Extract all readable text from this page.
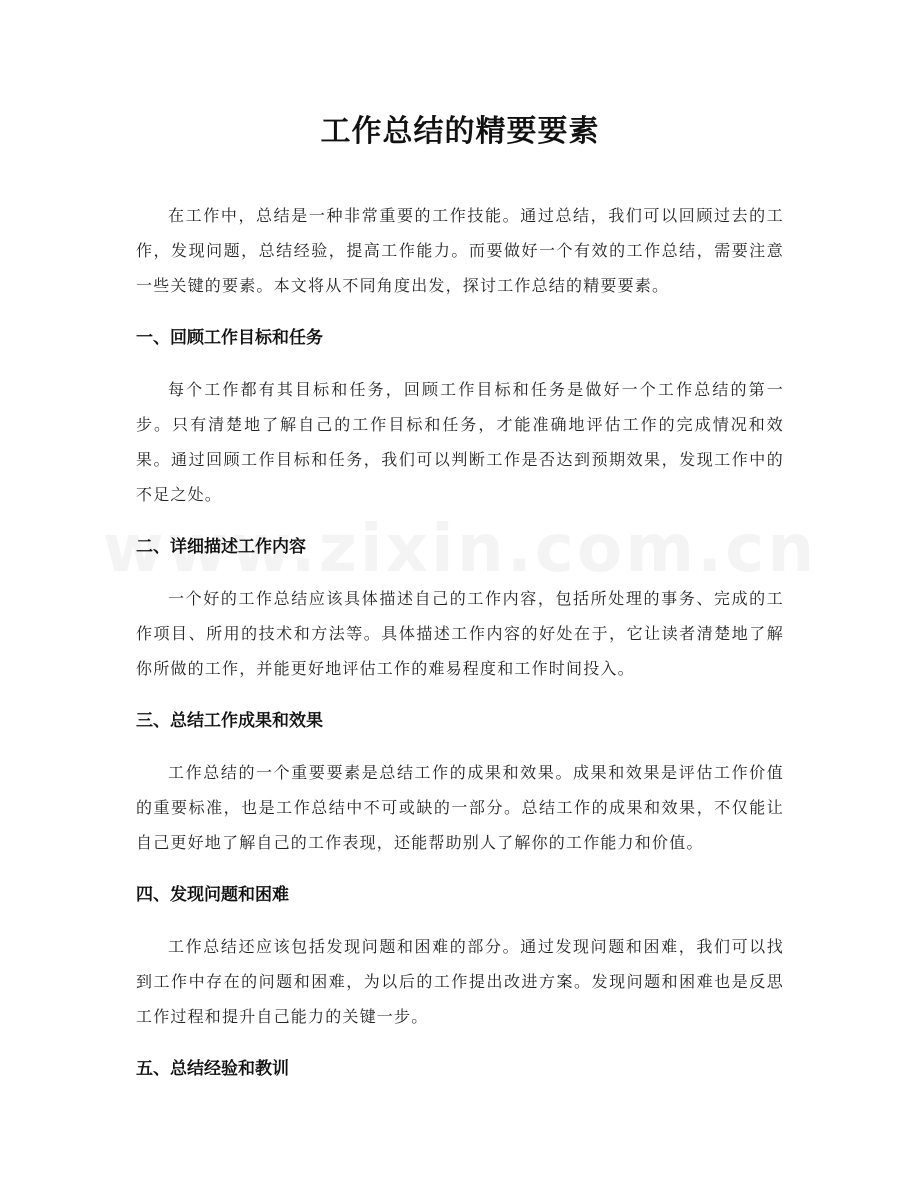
工作总结的精要要素

在工作中，总结是一种非常重要的工作技能。通过总结，我们可以回顾过去的工作，发现问题，总结经验，提高工作能力。而要做好一个有效的工作总结，需要注意一些关键的要素。本文将从不同角度出发，探讨工作总结的精要要素。

一、回顾工作目标和任务

每个工作都有其目标和任务，回顾工作目标和任务是做好一个工作总结的第一步。只有清楚地了解自己的工作目标和任务，才能准确地评估工作的完成情况和效果。通过回顾工作目标和任务，我们可以判断工作是否达到预期效果，发现工作中的不足之处。

二、详细描述工作内容

一个好的工作总结应该具体描述自己的工作内容，包括所处理的事务、完成的工作项目、所用的技术和方法等。具体描述工作内容的好处在于，它让读者清楚地了解你所做的工作，并能更好地评估工作的难易程度和工作时间投入。

三、总结工作成果和效果

工作总结的一个重要要素是总结工作的成果和效果。成果和效果是评估工作价值的重要标准，也是工作总结中不可或缺的一部分。总结工作的成果和效果，不仅能让自己更好地了解自己的工作表现，还能帮助别人了解你的工作能力和价值。

四、发现问题和困难

工作总结还应该包括发现问题和困难的部分。通过发现问题和困难，我们可以找到工作中存在的问题和困难，为以后的工作提出改进方案。发现问题和困难也是反思工作过程和提升自己能力的关键一步。

五、总结经验和教训
